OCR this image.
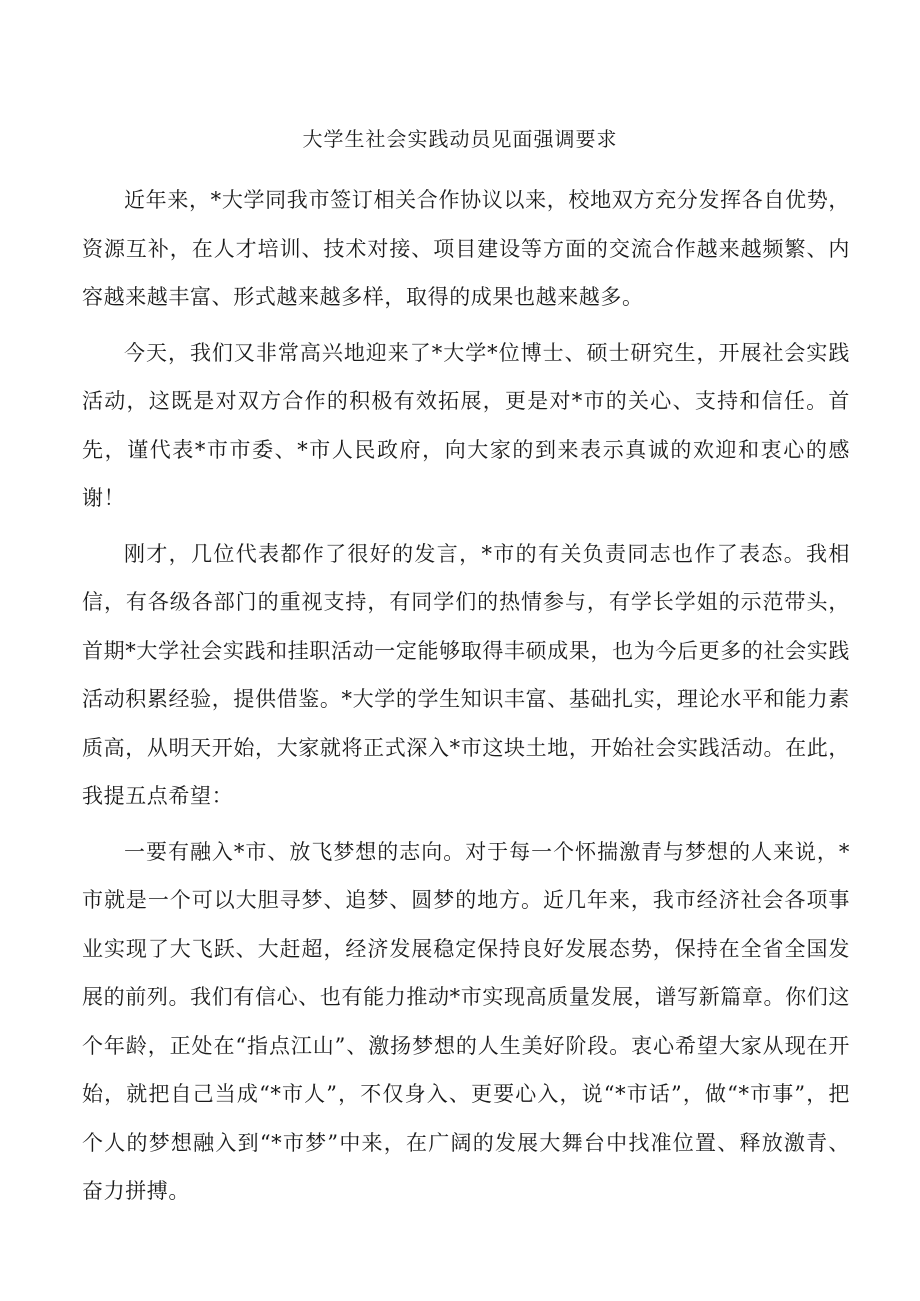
大学生社会实践动员见面强调要求

近年来，*大学同我市签订相关合作协议以来，校地双方充分发挥各自优势，资源互补，在人才培训、技术对接、项目建设等方面的交流合作越来越频繁、内容越来越丰富、形式越来越多样，取得的成果也越来越多。

今天，我们又非常高兴地迎来了*大学*位博士、硕士研究生，开展社会实践活动，这既是对双方合作的积极有效拓展，更是对*市的关心、支持和信任。首先，谨代表*市市委、*市人民政府，向大家的到来表示真诚的欢迎和衷心的感谢！

刚才，几位代表都作了很好的发言，*市的有关负责同志也作了表态。我相信，有各级各部门的重视支持，有同学们的热情参与，有学长学姐的示范带头，首期*大学社会实践和挂职活动一定能够取得丰硕成果，也为今后更多的社会实践活动积累经验，提供借鉴。*大学的学生知识丰富、基础扎实，理论水平和能力素质高，从明天开始，大家就将正式深入*市这块土地，开始社会实践活动。在此，我提五点希望：

一要有融入*市、放飞梦想的志向。对于每一个怀揣激青与梦想的人来说，*市就是一个可以大胆寻梦、追梦、圆梦的地方。近几年来，我市经济社会各项事业实现了大飞跃、大赶超，经济发展稳定保持良好发展态势，保持在全省全国发展的前列。我们有信心、也有能力推动*市实现高质量发展，谱写新篇章。你们这个年龄，正处在“指点江山”、激扬梦想的人生美好阶段。衷心希望大家从现在开始，就把自己当成“*市人”，不仅身入、更要心入，说“*市话”，做“*市事”，把个人的梦想融入到“*市梦”中来，在广阔的发展大舞台中找准位置、释放激青、奋力拼搏。
